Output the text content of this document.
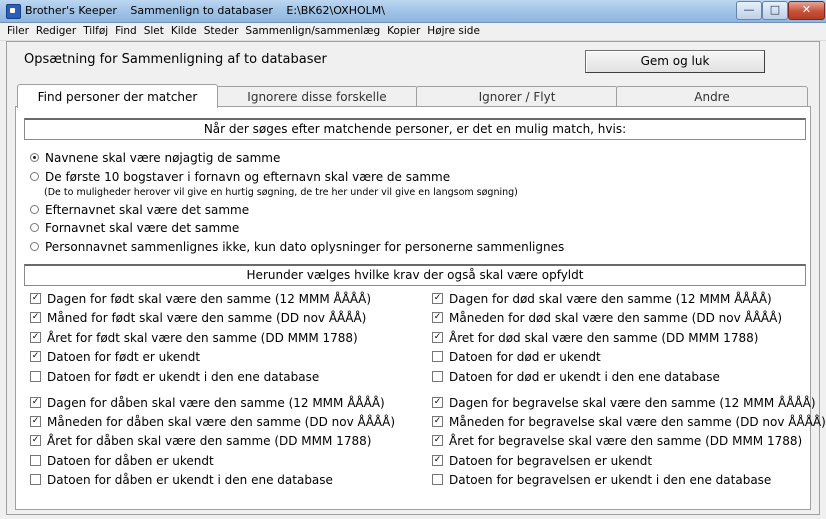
Brother's Keeper Sammenlign to databaser E:\BK62\OXHOLM\	—	□	✕
Filer Rediger Tilføj Find Slet Kilde Steder Sammenlign/sammenlæg Kopier Højre side
Opsætning for Sammenligning af to databaser	Gem og luk
Find personer der matcher	Ignorere disse forskelle	Ignorer / Flyt	Andre
Når der søges efter matchende personer, er det en mulig match, hvis:
Navnene skal være nøjagtig de samme
De første 10 bogstaver i fornavn og efternavn skal være de samme
(De to muligheder herover vil give en hurtig søgning, de tre her under vil give en langsom søgning)
Efternavnet skal være det samme
Fornavnet skal være det samme
Personnavnet sammenlignes ikke, kun dato oplysninger for personerne sammenlignes
Herunder vælges hvilke krav der også skal være opfyldt
✓ Dagen for født skal være den samme (12 MMM ÅÅÅÅ)
✓ Måned for født skal være den samme (DD nov ÅÅÅÅ)
✓ Året for født skal være den samme (DD MMM 1788)
✓ Datoen for født er ukendt
Datoen for født er ukendt i den ene database
✓ Dagen for dåben skal være den samme (12 MMM ÅÅÅÅ)
✓ Måneden for dåben skal være den samme (DD nov ÅÅÅÅ)
✓ Året for dåben skal være den samme (DD MMM 1788)
Datoen for dåben er ukendt
Datoen for dåben er ukendt i den ene database
✓ Dagen for død skal være den samme (12 MMM ÅÅÅÅ)
✓ Måneden for død skal være den samme (DD nov ÅÅÅÅ)
✓ Året for død skal være den samme (DD MMM 1788)
Datoen for død er ukendt
Datoen for død er ukendt i den ene database
✓ Dagen for begravelse skal være den samme (12 MMM ÅÅÅÅ)
✓ Måneden for begravelse skal være den samme (DD nov ÅÅÅÅ)
✓ Året for begravelse skal være den samme (DD MMM 1788)
✓ Datoen for begravelsen er ukendt
Datoen for begravelsen er ukendt i den ene database
